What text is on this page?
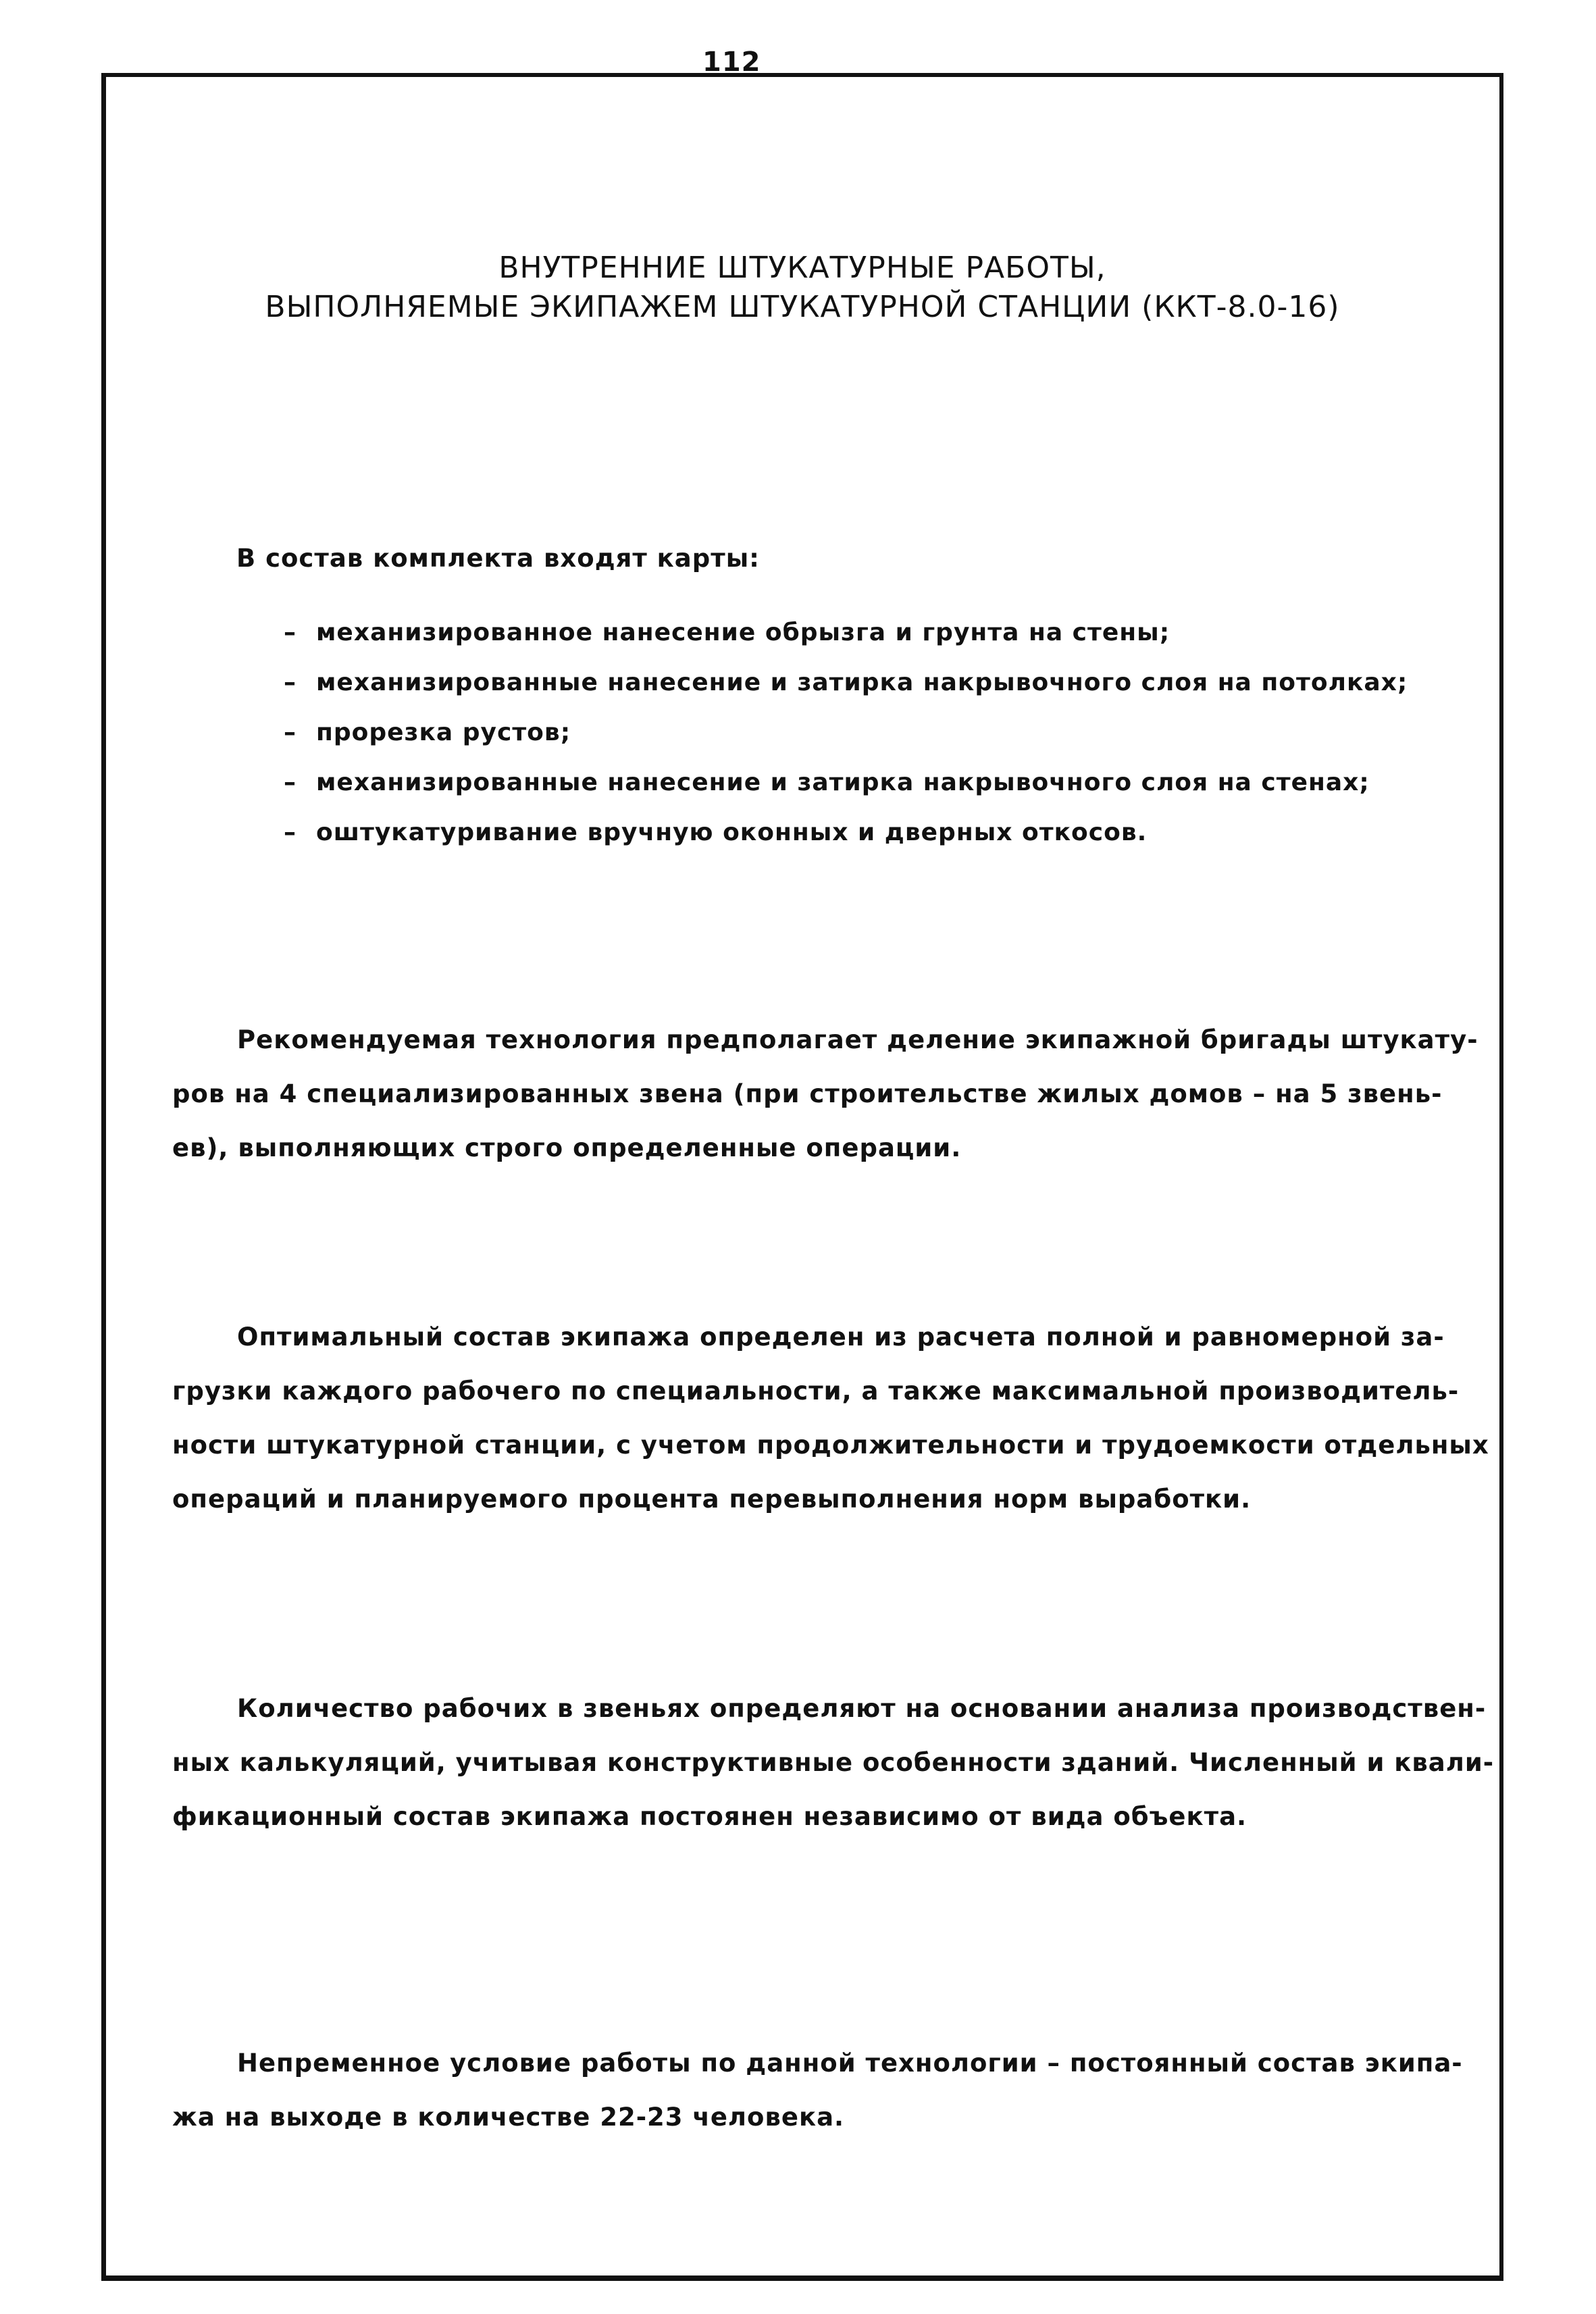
112
ВНУТРЕННИЕ ШТУКАТУРНЫЕ РАБОТЫ,
ВЫПОЛНЯЕМЫЕ ЭКИПАЖЕМ ШТУКАТУРНОЙ СТАНЦИИ (ККТ-8.0-16)
В состав комплекта входят карты:
– механизированное нанесение обрызга и грунта на стены;
– механизированные нанесение и затирка накрывочного слоя на потолках;
– прорезка рустов;
– механизированные нанесение и затирка накрывочного слоя на стенах;
– оштукатуривание вручную оконных и дверных откосов.
Рекомендуемая технология предполагает деление экипажной бригады штукату-
ров на 4 специализированных звена (при строительстве жилых домов – на 5 звень-
ев), выполняющих строго определенные операции.
Оптимальный состав экипажа определен из расчета полной и равномерной за-
грузки каждого рабочего по специальности, а также максимальной производитель-
ности штукатурной станции, с учетом продолжительности и трудоемкости отдельных
операций и планируемого процента перевыполнения норм выработки.
Количество рабочих в звеньях определяют на основании анализа производствен-
ных калькуляций, учитывая конструктивные особенности зданий. Численный и квали-
фикационный состав экипажа постоянен независимо от вида объекта.
Непременное условие работы по данной технологии – постоянный состав экипа-
жа на выходе в количестве 22-23 человека.
